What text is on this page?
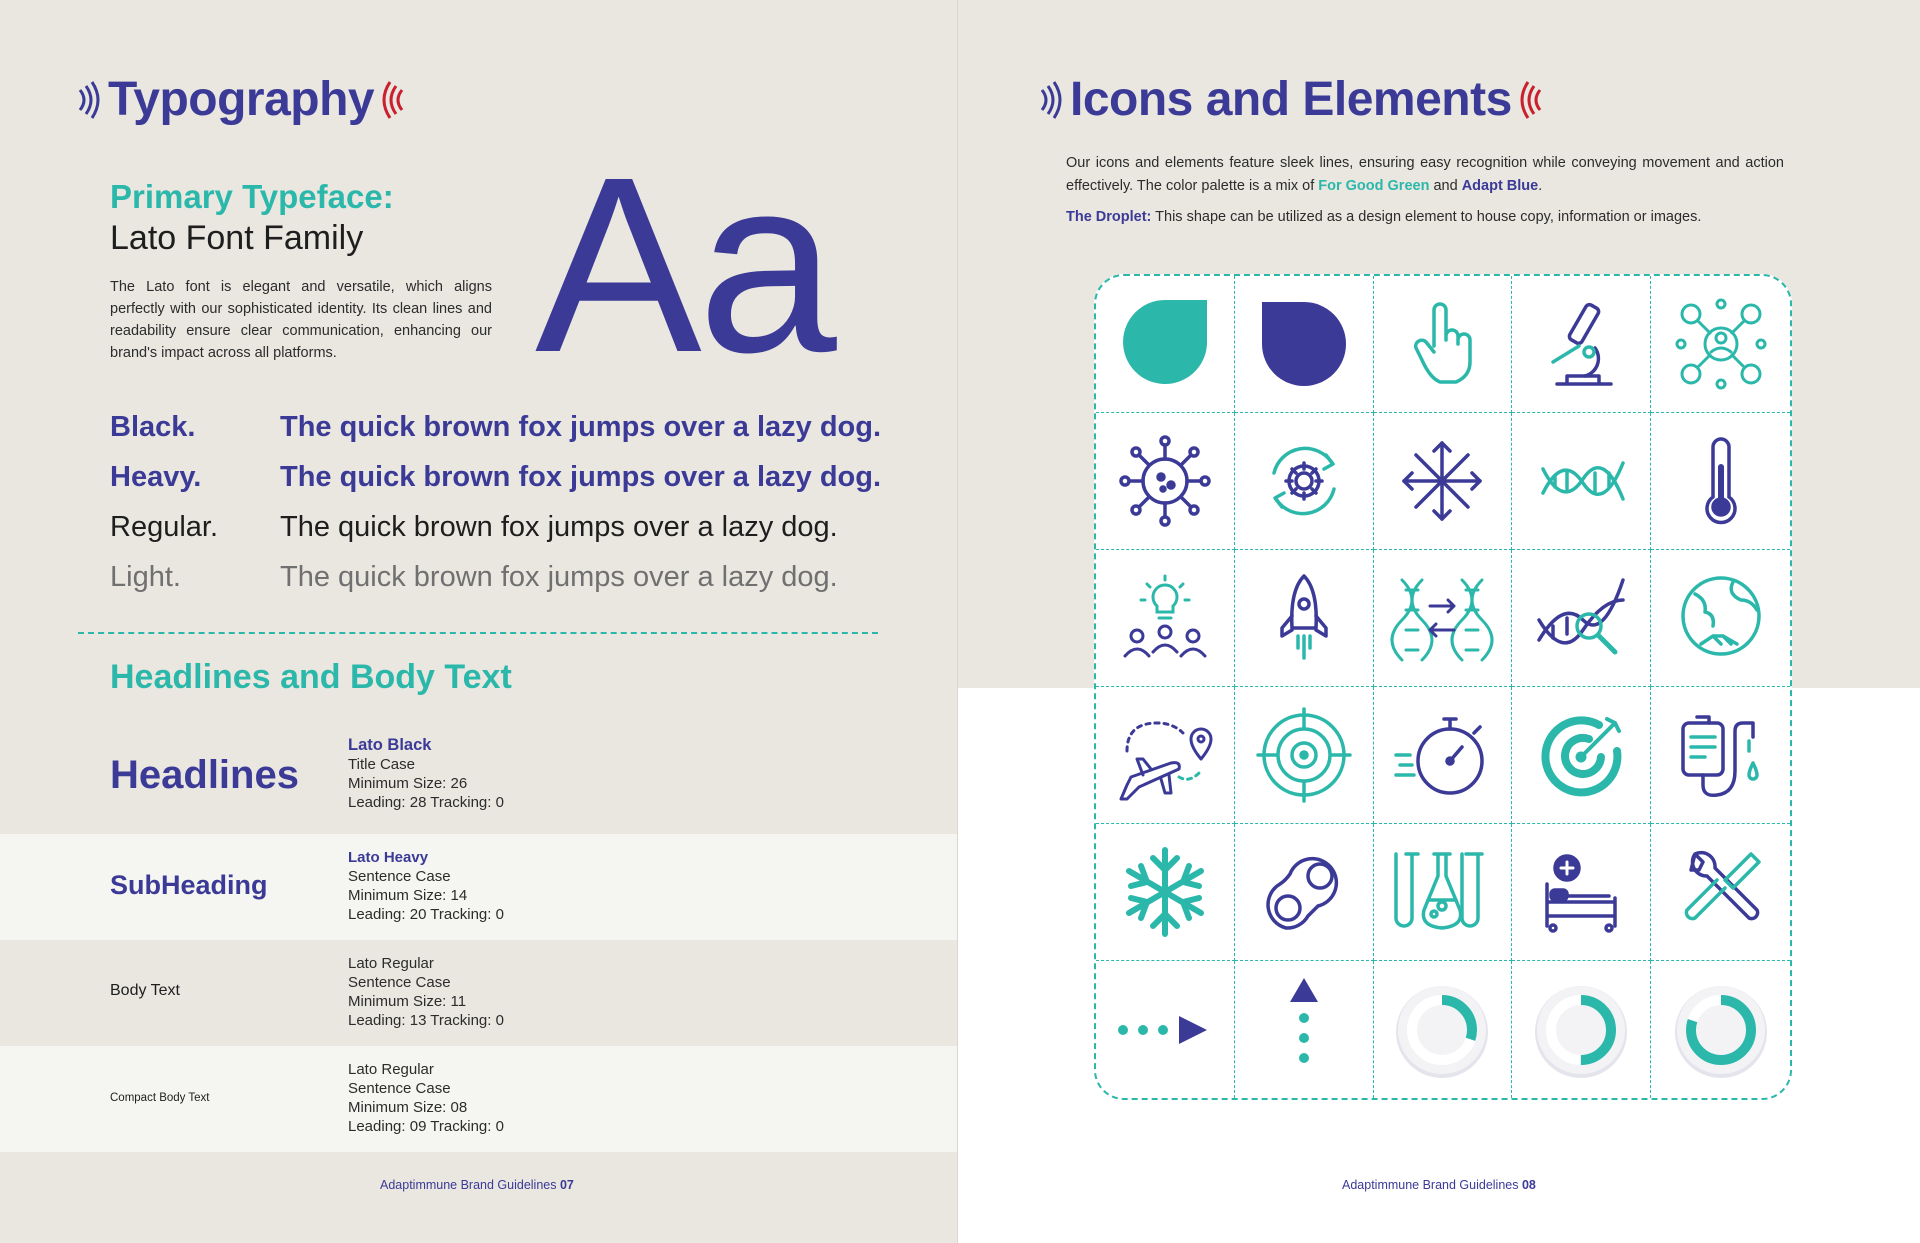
Typography
Primary Typeface:
Lato Font Family

The Lato font is elegant and versatile, which aligns perfectly with our sophisticated identity. Its clean lines and readability ensure clear communication, enhancing our brand's impact across all platforms. Aa
Black.	The quick brown fox jumps over a lazy dog.
Heavy.	The quick brown fox jumps over a lazy dog.
Regular.	The quick brown fox jumps over a lazy dog.
Light.	The quick brown fox jumps over a lazy dog.
Headlines and Body Text
Headlines
Lato Black
Title Case
Minimum Size: 26
Leading: 28 Tracking: 0
SubHeading
Lato Heavy
Sentence Case
Minimum Size: 14
Leading: 20 Tracking: 0
Body Text
Lato Regular
Sentence Case
Minimum Size: 11
Leading: 13 Tracking: 0
Compact Body Text
Lato Regular
Sentence Case
Minimum Size: 08
Leading: 09 Tracking: 0
Adaptimmune Brand Guidelines 07
Icons and Elements

Our icons and elements feature sleek lines, ensuring easy recognition while conveying movement and action effectively. The color palette is a mix of For Good Green and Adapt Blue.

The Droplet: This shape can be utilized as a design element to house copy, information or images.

Adaptimmune Brand Guidelines 08
